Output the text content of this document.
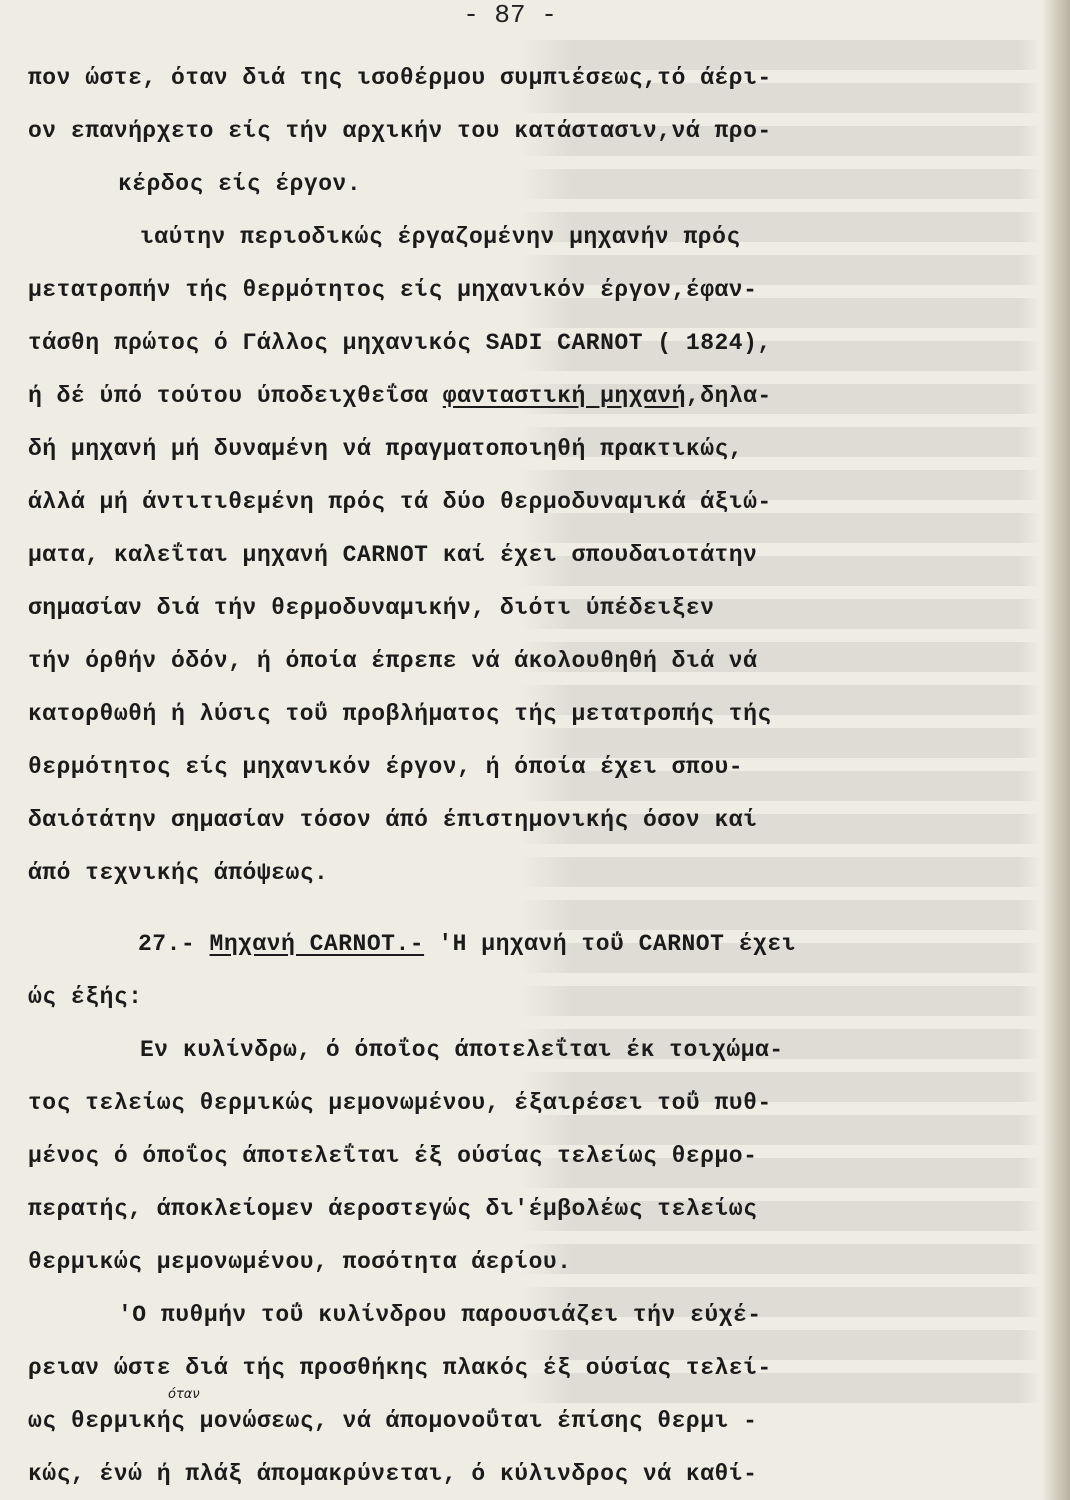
- 87 -
πον ώστε, όταν διά της ισοθέρμου συμπιέσεως,τό άέρι-
ον επανήρχετο είς τήν αρχικήν του κατάστασιν,νά προ-
κέρδος είς έργον.
ιαύτην περιοδικώς έργαζομένην μηχανήν πρός
μετατροπήν τής θερμότητος είς μηχανικόν έργον,έφαν-
τάσθη πρώτος ό Γάλλος μηχανικός SADI CARNOT ( 1824),
ή δέ ύπό τούτου ύποδειχθεΐσα φανταστική μηχανή,δηλα-
δή μηχανή μή δυναμένη νά πραγματοποιηθή πρακτικώς,
άλλά μή άντιτιθεμένη πρός τά δύο θερμοδυναμικά άξιώ-
ματα, καλεΐται μηχανή CARNOT καί έχει σπουδαιοτάτην
σημασίαν διά τήν θερμοδυναμικήν, διότι ύπέδειξεν
τήν όρθήν όδόν, ή όποία έπρεπε νά άκολουθηθή διά νά
κατορθωθή ή λύσις τοΰ προβλήματος τής μετατροπής τής
θερμότητος είς μηχανικόν έργον, ή όποία έχει σπου-
δαιότάτην σημασίαν τόσον άπό έπιστημονικής όσον καί
άπό τεχνικής άπόψεως.
27.- Μηχανή CARNOT.- 'Η μηχανή τοΰ CARNOT έχει
ώς έξής:
Εν κυλίνδρω, ό όποΐος άποτελεΐται έκ τοιχώμα-
τος τελείως θερμικώς μεμονωμένου, έξαιρέσει τοΰ πυθ-
μένος ό όποΐος άποτελεΐται έξ ούσίας τελείως θερμο-
περατής, άποκλείομεν άεροστεγώς δι'έμβολέως τελείως
θερμικώς μεμονωμένου, ποσότητα άερίου.
'Ο πυθμήν τοΰ κυλίνδρου παρουσιάζει τήν εύχέ-
ρειαν ώστε διά τής προσθήκης πλακός έξ ούσίας τελεί-
ως θερμικής μονώσεως, νά άπομονοΰται έπίσης θερμι -
κώς, ένώ ή πλάξ άπομακρύνεται, ό κύλινδρος νά καθί-
όταν
